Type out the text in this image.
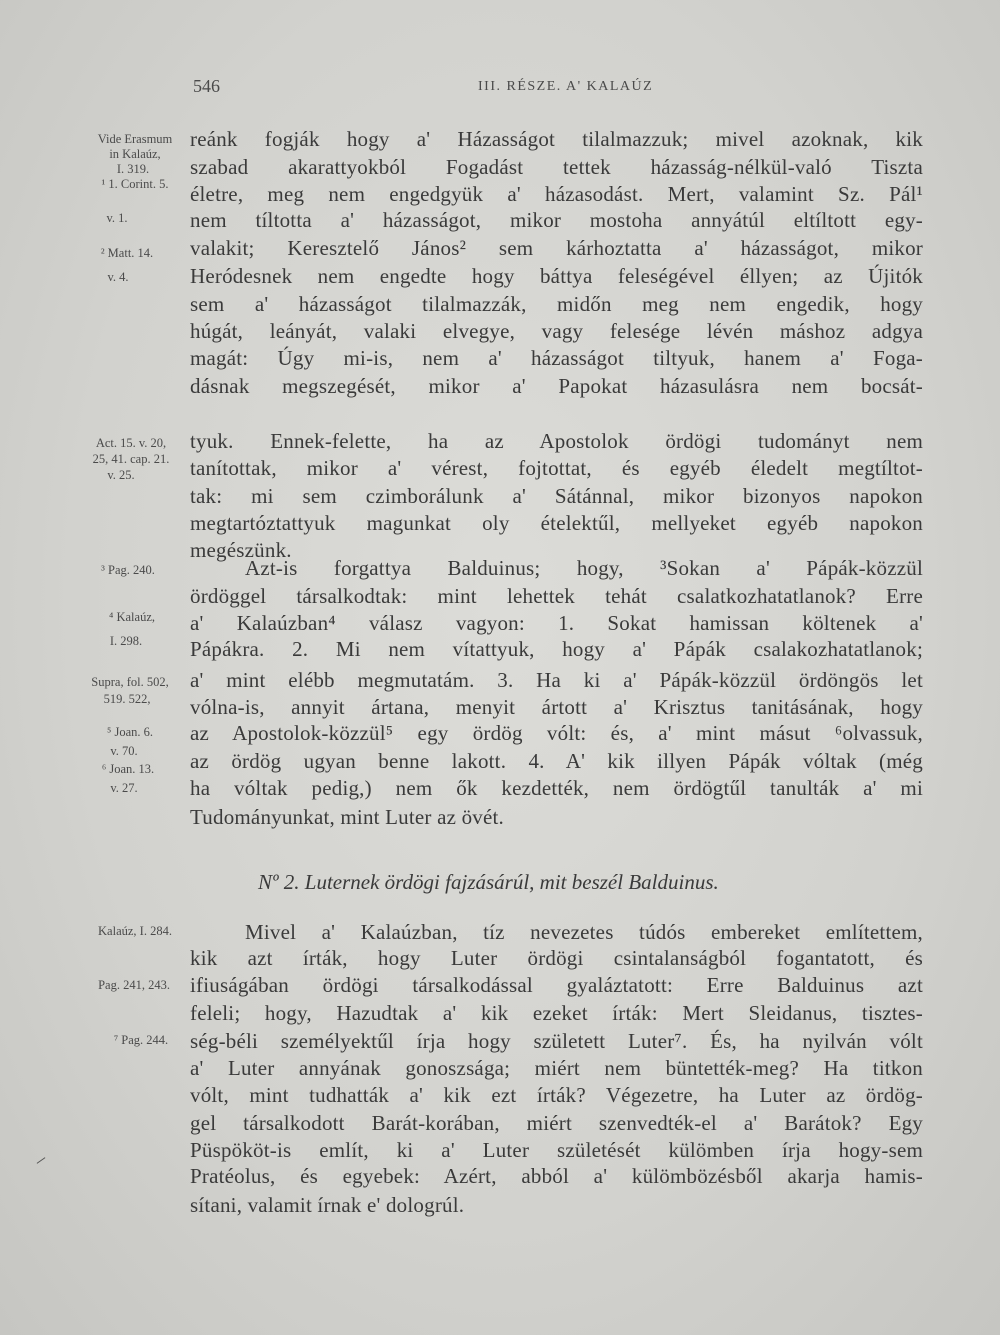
546	III. RÉSZE. A' KALAÚZ
Vide Erasmum
in Kalaúz,
I. 319.
¹ 1. Corint. 5.
v. 1.
² Matt. 14.
v. 4.
Act. 15. v. 20,
25, 41. cap. 21.
v. 25.
³ Pag. 240.
⁴ Kalaúz,
I. 298.
Supra, fol. 502,
519. 522,
⁵ Joan. 6.
v. 70.
⁶ Joan. 13.
v. 27.
Kalaúz, I. 284.
Pag. 241, 243.
⁷ Pag. 244.
reánk fogják hogy a' Házasságot tilalmazzuk; mivel azoknak, kik
szabad akarattyokból Fogadást tettek házasság-nélkül-való Tiszta
életre, meg nem engedgyük a' házasodást. Mert, valamint Sz. Pál¹
nem tíltotta a' házasságot, mikor mostoha annyátúl eltíltott egy-
valakit; Keresztelő János² sem kárhoztatta a' házasságot, mikor
Heródesnek nem engedte hogy báttya feleségével éllyen; az Újitók
sem a' házasságot tilalmazzák, midőn meg nem engedik, hogy
húgát, leányát, valaki elvegye, vagy felesége lévén máshoz adgya
magát: Úgy mi-is, nem a' házasságot tiltyuk, hanem a' Foga-
dásnak megszegését, mikor a' Papokat házasulásra nem bocsát-
tyuk. Ennek-felette, ha az Apostolok ördögi tudományt nem
tanítottak, mikor a' vérest, fojtottat, és egyéb éledelt megtíltot-
tak: mi sem czimborálunk a' Sátánnal, mikor bizonyos napokon
megtartóztattyuk magunkat oly ételektűl, mellyeket egyéb napokon
megészünk.
Azt-is forgattya Balduinus; hogy, ³Sokan a' Pápák-közzül
ördöggel társalkodtak: mint lehettek tehát csalatkozhatatlanok? Erre
a' Kalaúzban⁴ válasz vagyon: 1. Sokat hamissan költenek a'
Pápákra. 2. Mi nem vítattyuk, hogy a' Pápák csalakozhatatlanok;
a' mint elébb megmutatám. 3. Ha ki a' Pápák-közzül ördöngös let
vólna-is, annyit ártana, menyit ártott a' Krisztus tanitásának, hogy
az Apostolok-közzül⁵ egy ördög vólt: és, a' mint másut ⁶olvassuk,
az ördög ugyan benne lakott. 4. A' kik illyen Pápák vóltak (még
ha vóltak pedig,) nem ők kezdették, nem ördögtűl tanulták a' mi
Tudományunkat, mint Luter az övét.
Nº 2. Luternek ördögi fajzásárúl, mit beszél Balduinus.
Mivel a' Kalaúzban, tíz nevezetes túdós embereket említettem,
kik azt írták, hogy Luter ördögi csintalanságból fogantatott, és
ifiuságában ördögi társalkodással gyaláztatott: Erre Balduinus azt
feleli; hogy, Hazudtak a' kik ezeket írták: Mert Sleidanus, tisztes-
ség-béli személyektűl írja hogy született Luter⁷. És, ha nyilván vólt
a' Luter annyának gonoszsága; miért nem büntették-meg? Ha titkon
vólt, mint tudhatták a' kik ezt írták? Végezetre, ha Luter az ördög-
gel társalkodott Barát-korában, miért szenvedték-el a' Barátok? Egy
Püspököt-is említ, ki a' Luter születését külömben írja hogy-sem
Pratéolus, és egyebek: Azért, abból a' külömbözésből akarja hamis-
sítani, valamit írnak e' dologrúl.
